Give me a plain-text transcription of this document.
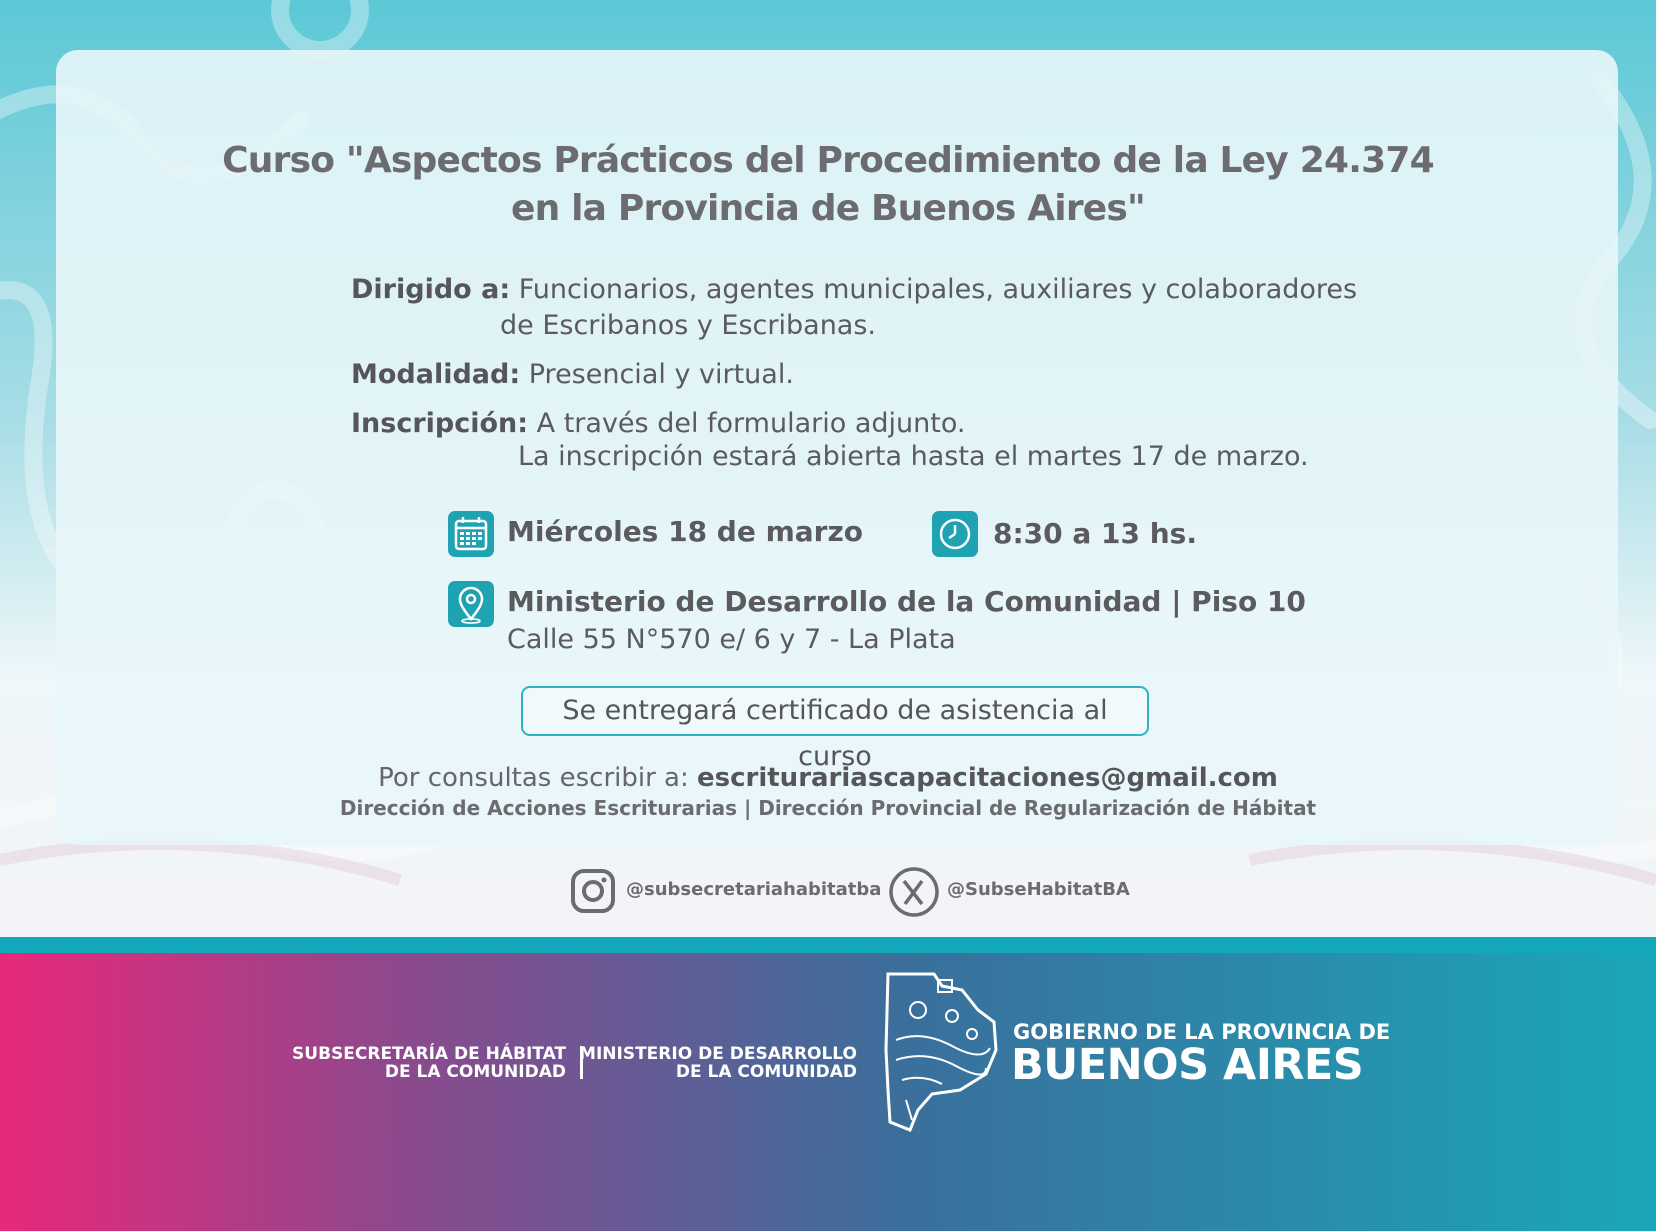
Curso "Aspectos Prácticos del Procedimiento de la Ley 24.374
en la Provincia de Buenos Aires"
Dirigido a: Funcionarios, agentes municipales, auxiliares y colaboradores
de Escribanos y Escribanas.
Modalidad: Presencial y virtual.
Inscripción: A través del formulario adjunto.
La inscripción estará abierta hasta el martes 17 de marzo.
Miércoles 18 de marzo	8:30 a 13 hs.
Ministerio de Desarrollo de la Comunidad | Piso 10
Calle 55 N°570 e/ 6 y 7 - La Plata
Se entregará certificado de asistencia al curso
Por consultas escribir a: escriturariascapacitaciones@gmail.com
Dirección de Acciones Escriturarias | Dirección Provincial de Regularización de Hábitat
@subsecretariahabitatba	@SubseHabitatBA
SUBSECRETARÍA DE HÁBITAT
DE LA COMUNIDAD
MINISTERIO DE DESARROLLO
DE LA COMUNIDAD
GOBIERNO DE LA PROVINCIA DE
BUENOS AIRES
